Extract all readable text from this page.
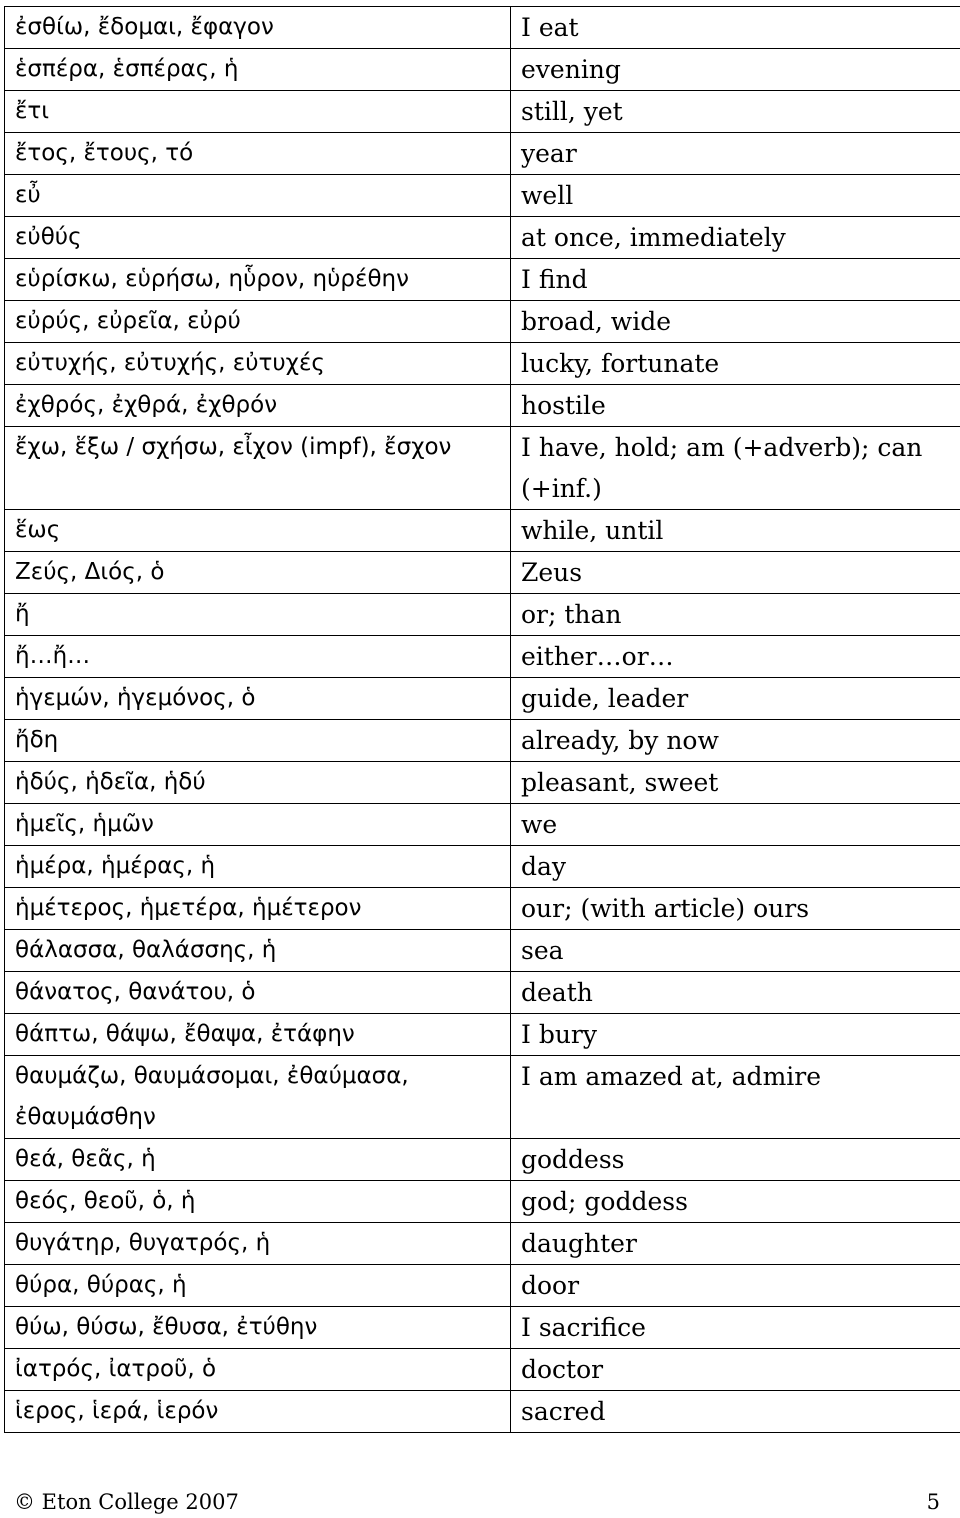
ἐσθίω, ἔδομαι, ἔφαγον	I eat
ἑσπέρα, ἑσπέρας, ἡ	evening
ἔτι	still, yet
ἔτος, ἔτους, τό	year
εὖ	well
εὐθύς	at once, immediately
εὑρίσκω, εὑρήσω, ηὗρον, ηὑρέθην	I find
εὐρύς, εὐρεῖα, εὐρύ	broad, wide
εὐτυχής, εὐτυχής, εὐτυχές	lucky, fortunate
ἐχθρός, ἐχθρά, ἐχθρόν	hostile
ἔχω, ἕξω / σχήσω, εἶχον (impf), ἔσχον	I have, hold; am (+adverb); can (+inf.)
ἕως	while, until
Ζεύς, Διός, ὁ	Zeus
ἤ	or; than
ἤ…ἤ…	either…or…
ἡγεμών, ἡγεμόνος, ὁ	guide, leader
ἤδη	already, by now
ἡδύς, ἡδεῖα, ἡδύ	pleasant, sweet
ἡμεῖς, ἡμῶν	we
ἡμέρα, ἡμέρας, ἡ	day
ἡμέτερος, ἡμετέρα, ἡμέτερον	our; (with article) ours
θάλασσα, θαλάσσης, ἡ	sea
θάνατος, θανάτου, ὁ	death
θάπτω, θάψω, ἔθαψα, ἐτάφην	I bury
θαυμάζω, θαυμάσομαι, ἐθαύμασα, ἐθαυμάσθην	I am amazed at, admire
θεά, θεᾶς, ἡ	goddess
θεός, θεοῦ, ὁ, ἡ	god; goddess
θυγάτηρ, θυγατρός, ἡ	daughter
θύρα, θύρας, ἡ	door
θύω, θύσω, ἔθυσα, ἐτύθην	I sacrifice
ἰατρός, ἰατροῦ, ὁ	doctor
ἱερος, ἱερά, ἱερόν	sacred
© Eton College 2007	5
